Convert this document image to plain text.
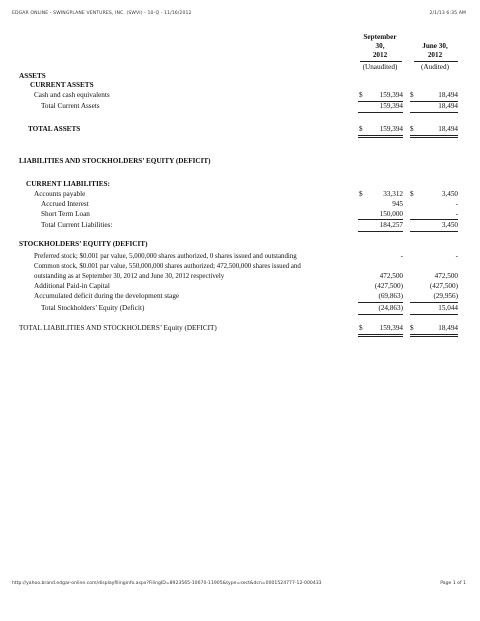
EDGAR ONLINE - SWINGPLANE VENTURES, INC. (SWVI) - 10-Q - 11/16/2012	2/1/13 6:35 AM
September
30,
2012
(Unaudited)
June 30,
2012
(Audited)
ASSETS
CURRENT ASSETS
Cash and cash equivalents	$	159,394 $	18,494
Total Current Assets	159,394	18,494
TOTAL ASSETS	$	159,394 $	18,494
LIABILITIES AND STOCKHOLDERS’ EQUITY (DEFICIT)
CURRENT LIABILITIES:
Accounts payable	$	33,312 $	3,450
Accrued Interest	945	-
Short Term Loan	150,000	-
Total Current Liabilities:	184,257	3,450
STOCKHOLDERS’ EQUITY (DEFICIT)
Preferred stock; $0.001 par value, 5,000,000 shares authorized, 0 shares issued and outstanding	-	-
Common stock, $0.001 par value, 550,000,000 shares authorized; 472,500,000 shares issued and
outstanding as at September 30, 2012 and June 30, 2012 respectively	472,500	472,500
Additional Paid-in Capital	(427,500)	(427,500)
Accumulated deficit during the development stage	(69,863)	(29,956)
Total Stockholders’ Equity (Deficit)	(24,863)	15,044
TOTAL LIABILITIES AND STOCKHOLDERS’ Equity (DEFICIT)	$	159,394 $	18,494
http://yahoo.brand.edgar-online.com/displayfilinginfo.aspx?FilingID=8923565-10670-11905&type=sect&dcn=0001524777-12-000433	Page 1 of 1
